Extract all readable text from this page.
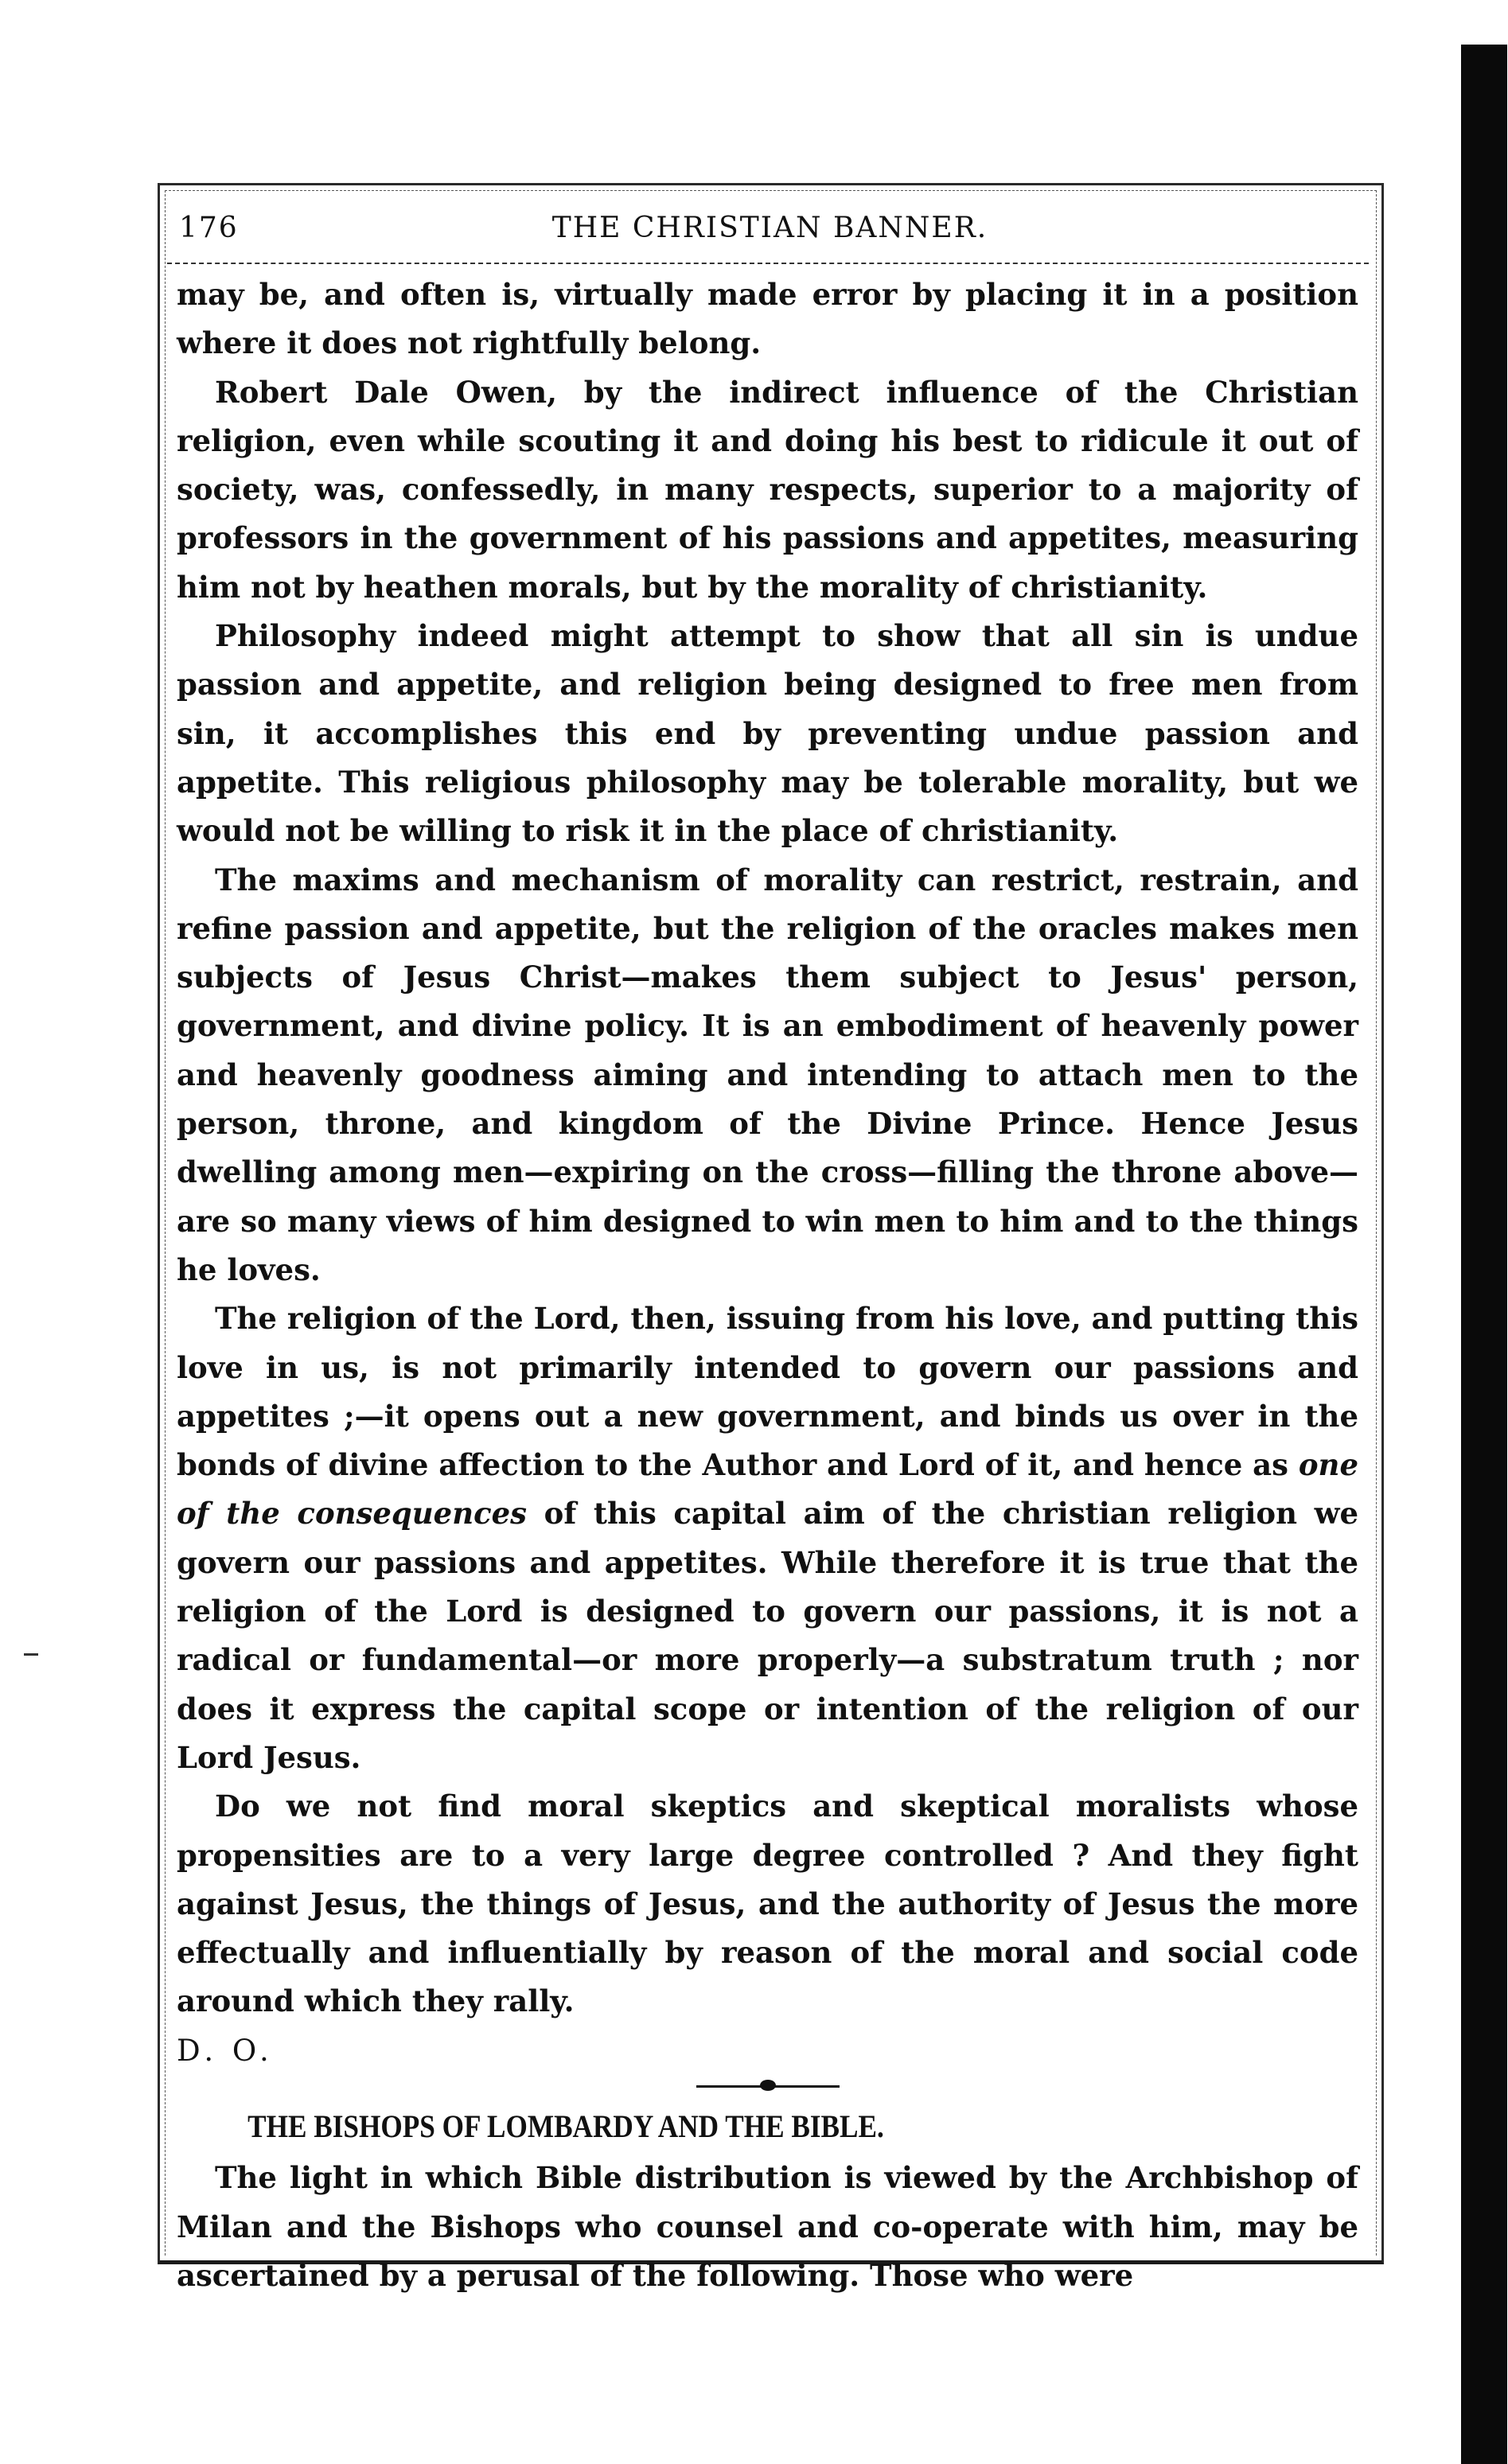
176	THE CHRISTIAN BANNER.

may be, and often is, virtually made error by placing it in a position where it does not rightfully belong.

Robert Dale Owen, by the indirect influence of the Christian religion, even while scouting it and doing his best to ridicule it out of society, was, confessedly, in many respects, superior to a majority of professors in the government of his passions and appetites, measuring him not by heathen morals, but by the morality of christianity.

Philosophy indeed might attempt to show that all sin is undue passion and appetite, and religion being designed to free men from sin, it accomplishes this end by preventing undue passion and appetite. This religious philosophy may be tolerable morality, but we would not be willing to risk it in the place of christianity.

The maxims and mechanism of morality can restrict, restrain, and refine passion and appetite, but the religion of the oracles makes men subjects of Jesus Christ—makes them subject to Jesus' person, government, and divine policy. It is an embodiment of heavenly power and heavenly goodness aiming and intending to attach men to the person, throne, and kingdom of the Divine Prince. Hence Jesus dwelling among men—expiring on the cross—filling the throne above—are so many views of him designed to win men to him and to the things he loves.

The religion of the Lord, then, issuing from his love, and putting this love in us, is not primarily intended to govern our passions and appetites ;—it opens out a new government, and binds us over in the bonds of divine affection to the Author and Lord of it, and hence as one of the consequences of this capital aim of the christian religion we govern our passions and appetites. While therefore it is true that the religion of the Lord is designed to govern our passions, it is not a radical or fundamental—or more properly—a substratum truth ; nor does it express the capital scope or intention of the religion of our Lord Jesus.

Do we not find moral skeptics and skeptical moralists whose propensities are to a very large degree controlled ? And they fight against Jesus, the things of Jesus, and the authority of Jesus the more effectually and influentially by reason of the moral and social code around which they rally.

D. O.

THE BISHOPS OF LOMBARDY AND THE BIBLE.

The light in which Bible distribution is viewed by the Archbishop of Milan and the Bishops who counsel and co-operate with him, may be ascertained by a perusal of the following. Those who were
